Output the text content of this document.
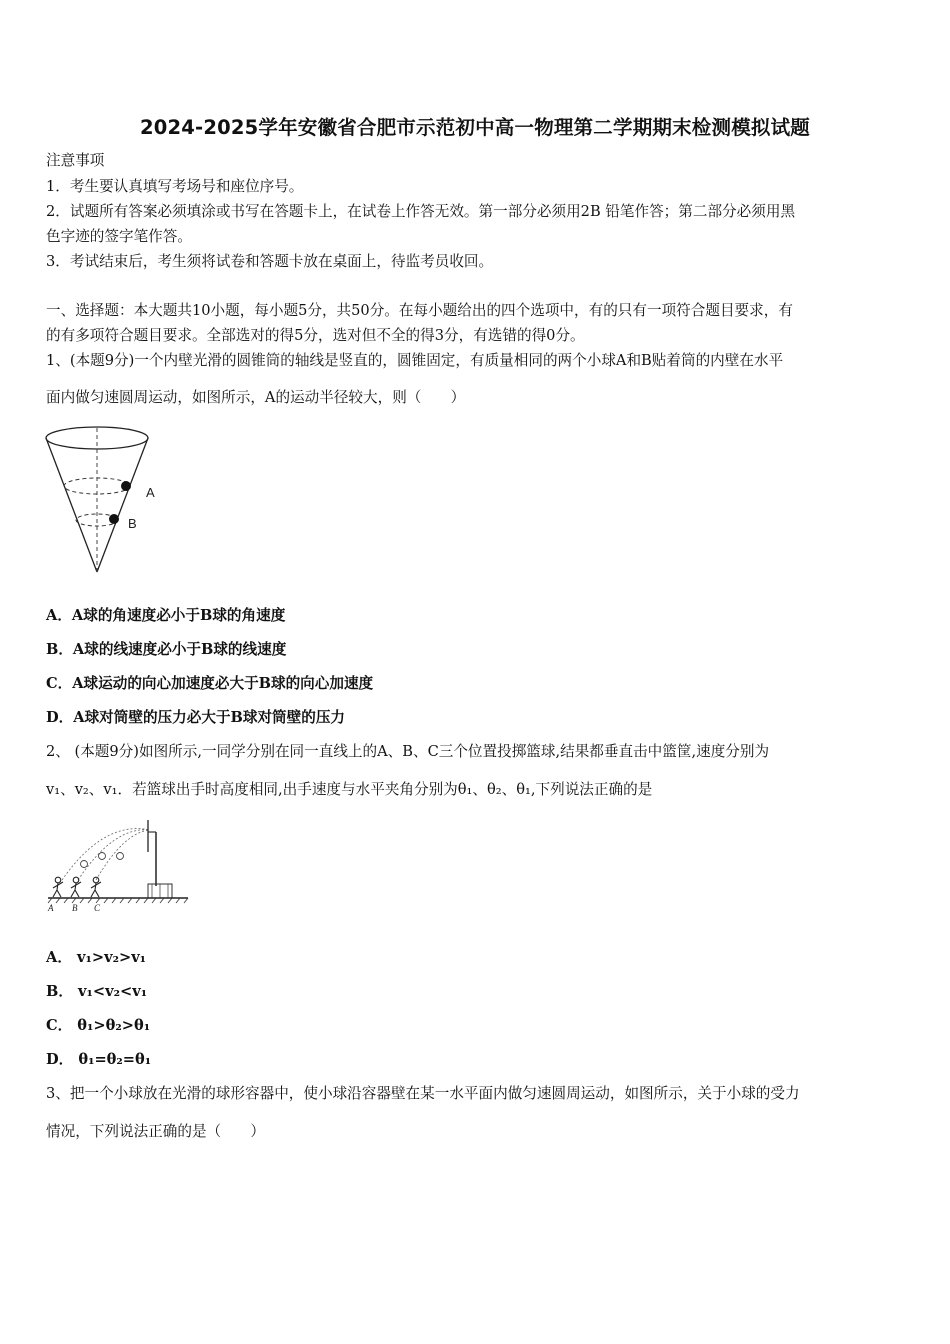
2024-2025学年安徽省合肥市示范初中高一物理第二学期期末检测模拟试题
注意事项
1．考生要认真填写考场号和座位序号。
2．试题所有答案必须填涂或书写在答题卡上，在试卷上作答无效。第一部分必须用2B 铅笔作答；第二部分必须用黑
色字迹的签字笔作答。
3．考试结束后，考生须将试卷和答题卡放在桌面上，待监考员收回。
一、选择题：本大题共10小题，每小题5分，共50分。在每小题给出的四个选项中，有的只有一项符合题目要求，有
的有多项符合题目要求。全部选对的得5分，选对但不全的得3分，有选错的得0分。
1、(本题9分)一个内壁光滑的圆锥筒的轴线是竖直的，圆锥固定，有质量相同的两个小球A和B贴着筒的内壁在水平
面内做匀速圆周运动，如图所示，A的运动半径较大，则（　　）
A
B
A．A球的角速度必小于B球的角速度
B．A球的线速度必小于B球的线速度
C．A球运动的向心加速度必大于B球的向心加速度
D．A球对筒壁的压力必大于B球对筒壁的压力
2、 (本题9分)如图所示,一同学分别在同一直线上的A、B、C三个位置投掷篮球,结果都垂直击中篮筐,速度分别为
v₁、v₂、v₁．若篮球出手时高度相同,出手速度与水平夹角分别为θ₁、θ₂、θ₁,下列说法正确的是
A B C
A． v₁>v₂>v₁
B． v₁<v₂<v₁
C． θ₁>θ₂>θ₁
D． θ₁=θ₂=θ₁
3、把一个小球放在光滑的球形容器中，使小球沿容器壁在某一水平面内做匀速圆周运动，如图所示，关于小球的受力
情况，下列说法正确的是（　　）
